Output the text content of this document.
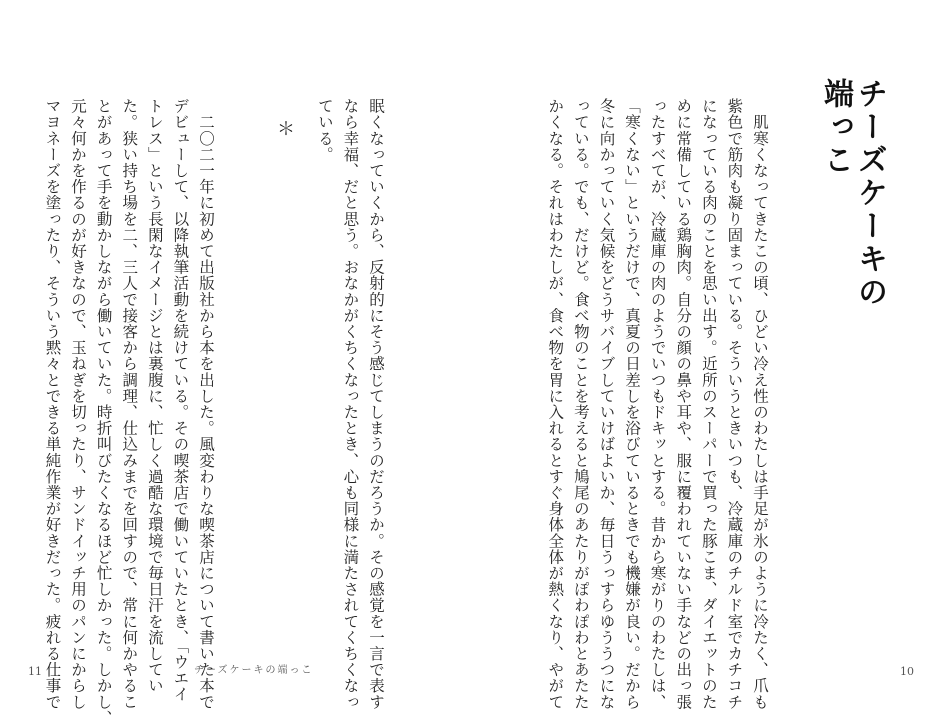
チーズケーキの
端っこ

　肌寒くなってきたこの頃、ひどい冷え性のわたしは手足が氷のように冷たく、爪も
紫色で筋肉も凝り固まっている。そういうときいつも、冷蔵庫のチルド室でカチコチ
になっている肉のことを思い出す。近所のスーパーで買った豚こま、ダイエットのた
めに常備している鶏胸肉。自分の顔の鼻や耳や、服に覆われていない手などの出っ張
ったすべてが、冷蔵庫の肉のようでいつもドキッとする。昔から寒がりのわたしは、
「寒くない」というだけで、真夏の日差しを浴びているときでも機嫌が良い。だから
冬に向かっていく気候をどうサバイブしていけばよいか、毎日うっすらゆううつにな
っている。でも、だけど。食べ物のことを考えると鳩尾のあたりがぽわぽわとあたた
かくなる。それはわたしが、食べ物を胃に入れるとすぐ身体全体が熱くなり、やがて

眠くなっていくから、反射的にそう感じてしまうのだろうか。その感覚を一言で表す
なら幸福、だと思う。おなかがくちくなったとき、心も同様に満たされてくちくなっ
ている。

＊

　二〇二一年に初めて出版社から本を出した。風変わりな喫茶店について書いた本で
デビューして、以降執筆活動を続けている。その喫茶店で働いていたとき、「ウエイ
トレス」という長閑なイメージとは裏腹に、忙しく過酷な環境で毎日汗を流してい
た。狭い持ち場を二、三人で接客から調理、仕込みまでを回すので、常に何かやるこ
とがあって手を動かしながら働いていた。時折叫びたくなるほど忙しかった。しかし、
元々何かを作るのが好きなので、玉ねぎを切ったり、サンドイッチ用のパンにからし
マヨネーズを塗ったり、そういう黙々とできる単純作業が好きだった。疲れる仕事で

11	チーズケーキの端っこ	10
